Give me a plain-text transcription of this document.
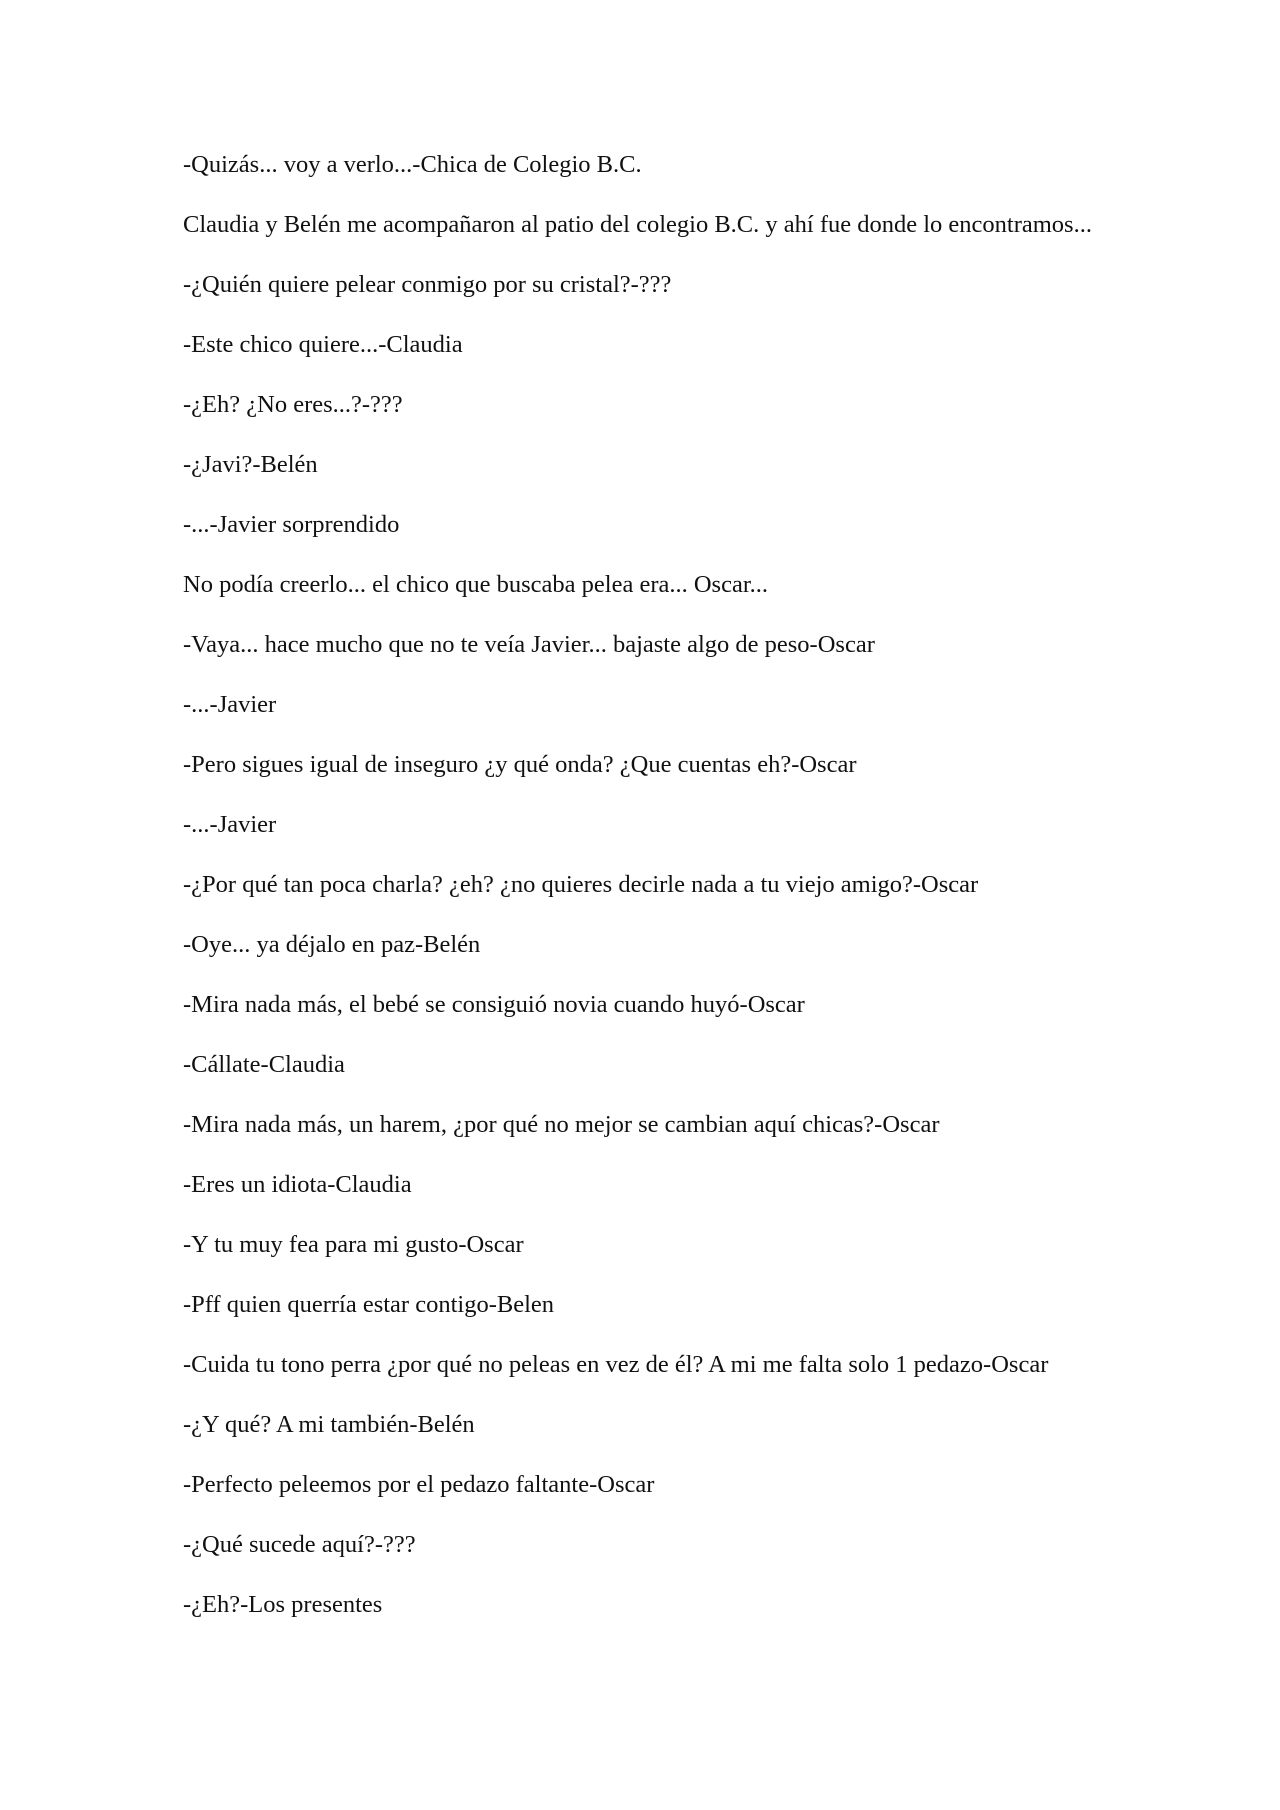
-Quizás... voy a verlo...-Chica de Colegio B.C.

Claudia y Belén me acompañaron al patio del colegio B.C. y ahí fue donde lo encontramos...

-¿Quién quiere pelear conmigo por su cristal?-???

-Este chico quiere...-Claudia

-¿Eh? ¿No eres...?-???

-¿Javi?-Belén

-...-Javier sorprendido

No podía creerlo... el chico que buscaba pelea era... Oscar...

-Vaya... hace mucho que no te veía Javier... bajaste algo de peso-Oscar

-...-Javier

-Pero sigues igual de inseguro ¿y qué onda? ¿Que cuentas eh?-Oscar

-...-Javier

-¿Por qué tan poca charla? ¿eh? ¿no quieres decirle nada a tu viejo amigo?-Oscar

-Oye... ya déjalo en paz-Belén

-Mira nada más, el bebé se consiguió novia cuando huyó-Oscar

-Cállate-Claudia

-Mira nada más, un harem, ¿por qué no mejor se cambian aquí chicas?-Oscar

-Eres un idiota-Claudia

-Y tu muy fea para mi gusto-Oscar

-Pff quien querría estar contigo-Belen

-Cuida tu tono perra ¿por qué no peleas en vez de él? A mi me falta solo 1 pedazo-Oscar

-¿Y qué? A mi también-Belén

-Perfecto peleemos por el pedazo faltante-Oscar

-¿Qué sucede aquí?-???

-¿Eh?-Los presentes
